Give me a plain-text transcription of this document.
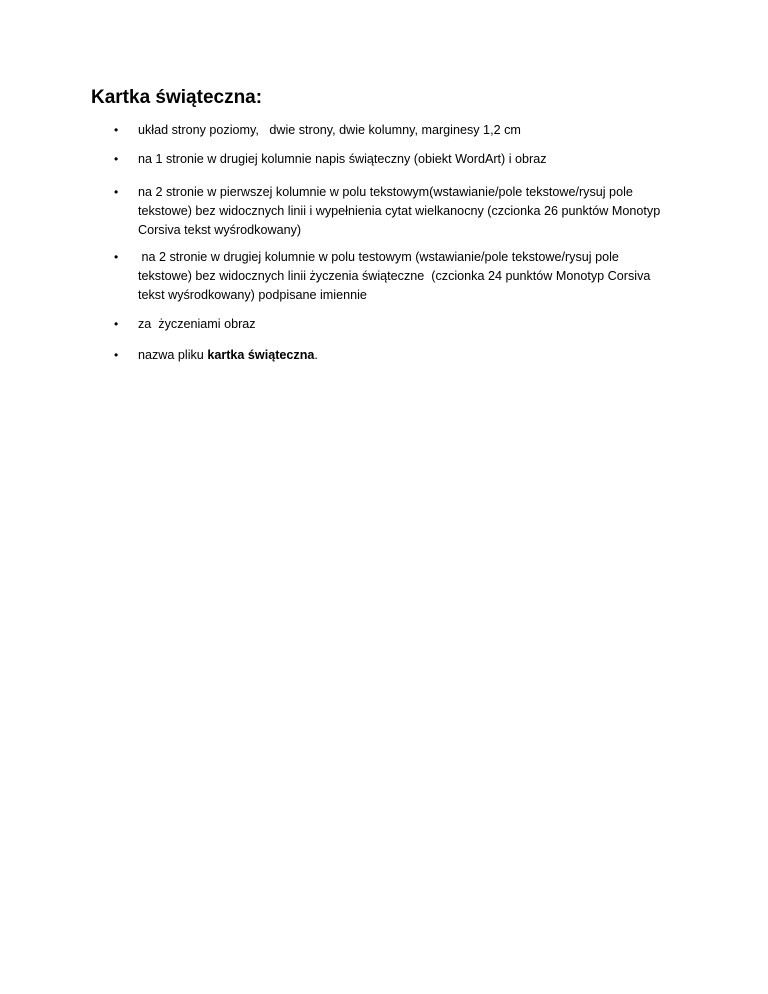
Kartka świąteczna:
•	układ strony poziomy,   dwie strony, dwie kolumny, marginesy 1,2 cm
•	na 1 stronie w drugiej kolumnie napis świąteczny (obiekt WordArt) i obraz
•	na 2 stronie w pierwszej kolumnie w polu tekstowym(wstawianie/pole tekstowe/rysuj pole tekstowe) bez widocznych linii i wypełnienia cytat wielkanocny (czcionka 26 punktów Monotyp Corsiva tekst wyśrodkowany)
•	na 2 stronie w drugiej kolumnie w polu testowym (wstawianie/pole tekstowe/rysuj pole tekstowe) bez widocznych linii życzenia świąteczne  (czcionka 24 punktów Monotyp Corsiva tekst wyśrodkowany) podpisane imiennie
•	za  życzeniami obraz
•	nazwa pliku kartka świąteczna.
